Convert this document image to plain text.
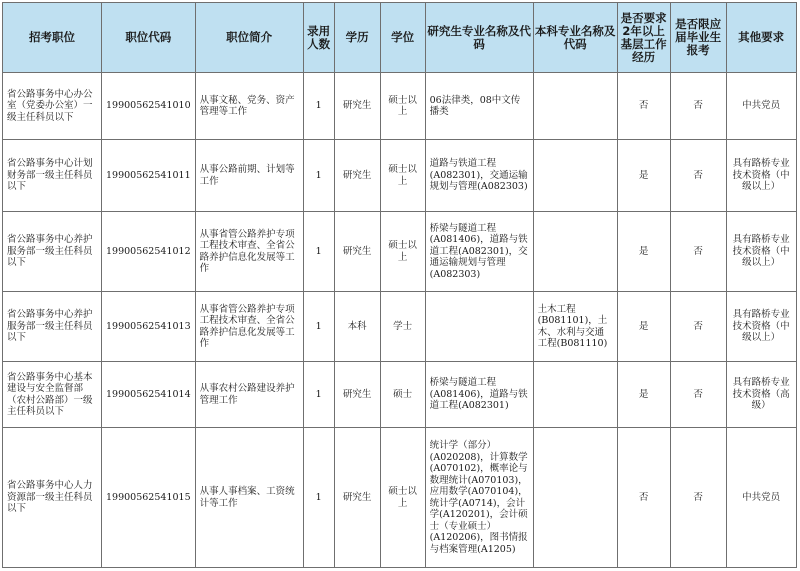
招考职位	职位代码	职位简介	录用人数	学历	学位	研究生专业名称及代码	本科专业名称及代码	是否要求2年以上基层工作经历	是否限应届毕业生报考	其他要求
省公路事务中心办公室（党委办公室）一级主任科员以下	19900562541010	从事文秘、党务、资产管理等工作	1	研究生	硕士以上	06法律类，08中文传播类		否	否	中共党员
省公路事务中心计划财务部一级主任科员以下	19900562541011	从事公路前期、计划等工作	1	研究生	硕士以上	道路与铁道工程(A082301)，交通运输规划与管理(A082303)		是	否	具有路桥专业技术资格（中级以上）
省公路事务中心养护服务部一级主任科员以下	19900562541012	从事省管公路养护专项工程技术审查、全省公路养护信息化发展等工作	1	研究生	硕士以上	桥梁与隧道工程(A081406)，道路与铁道工程(A082301)，交通运输规划与管理(A082303)		是	否	具有路桥专业技术资格（中级以上）
省公路事务中心养护服务部一级主任科员以下	19900562541013	从事省管公路养护专项工程技术审查、全省公路养护信息化发展等工作	1	本科	学士		土木工程(B081101)，土木、水利与交通工程(B081110)	是	否	具有路桥专业技术资格（中级以上）
省公路事务中心基本建设与安全监督部（农村公路部）一级主任科员以下	19900562541014	从事农村公路建设养护管理工作	1	研究生	硕士	桥梁与隧道工程(A081406)，道路与铁道工程(A082301)		是	否	具有路桥专业技术资格（高级）
省公路事务中心人力资源部一级主任科员以下	19900562541015	从事人事档案、工资统计等工作	1	研究生	硕士以上	统计学（部分）(A020208)，计算数学(A070102)，概率论与数理统计(A070103)，应用数学(A070104)，统计学(A0714)，会计学(A120201)，会计硕士（专业硕士）(A120206)，图书情报与档案管理(A1205)		否	否	中共党员
